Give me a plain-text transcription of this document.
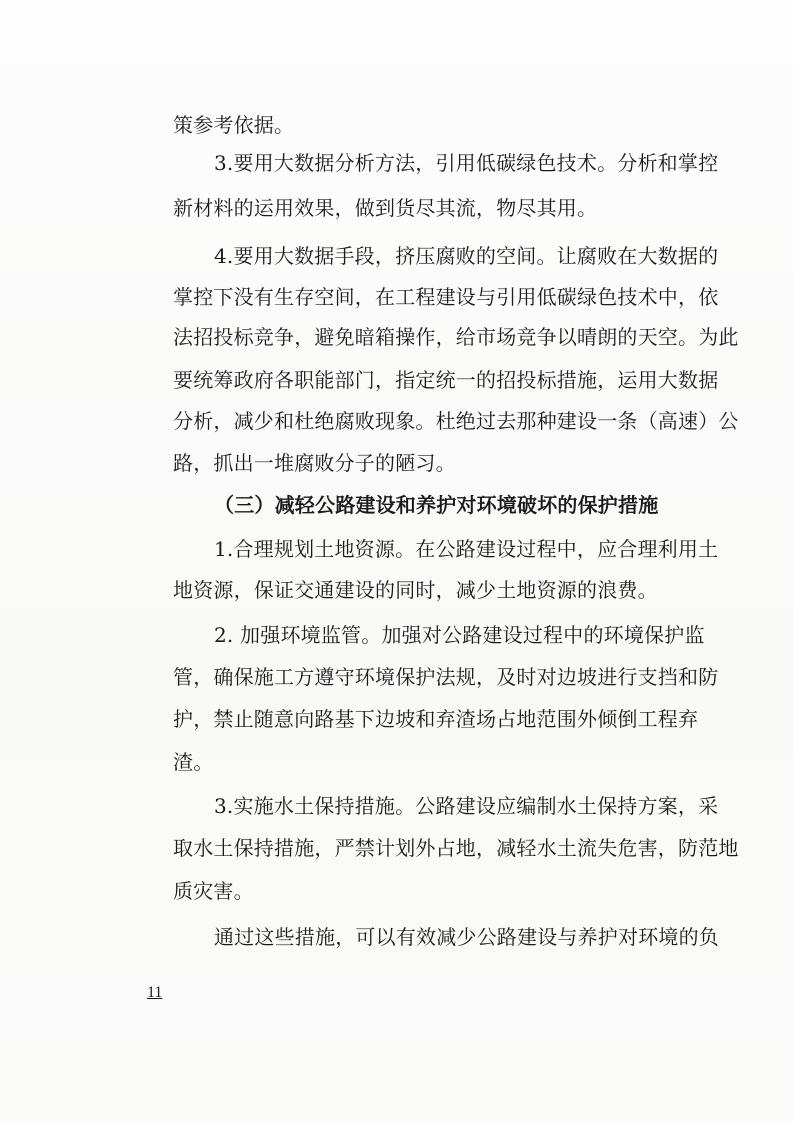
策参考依据。
3.要用大数据分析方法，引用低碳绿色技术。分析和掌控
新材料的运用效果，做到货尽其流，物尽其用。
4.要用大数据手段，挤压腐败的空间。让腐败在大数据的
掌控下没有生存空间，在工程建设与引用低碳绿色技术中，依
法招投标竞争，避免暗箱操作，给市场竞争以晴朗的天空。为此
要统筹政府各职能部门，指定统一的招投标措施，运用大数据
分析，减少和杜绝腐败现象。杜绝过去那种建设一条（高速）公
路，抓出一堆腐败分子的陋习。
（三）减轻公路建设和养护对环境破坏的保护措施
1.合理规划土地资源。在公路建设过程中，应合理利用土
地资源，保证交通建设的同时，减少土地资源的浪费。
2. 加强环境监管。加强对公路建设过程中的环境保护监
管，确保施工方遵守环境保护法规，及时对边坡进行支挡和防
护，禁止随意向路基下边坡和弃渣场占地范围外倾倒工程弃
渣。
3.实施水土保持措施。公路建设应编制水土保持方案，采
取水土保持措施，严禁计划外占地，减轻水土流失危害，防范地
质灾害。
通过这些措施，可以有效减少公路建设与养护对环境的负
11
